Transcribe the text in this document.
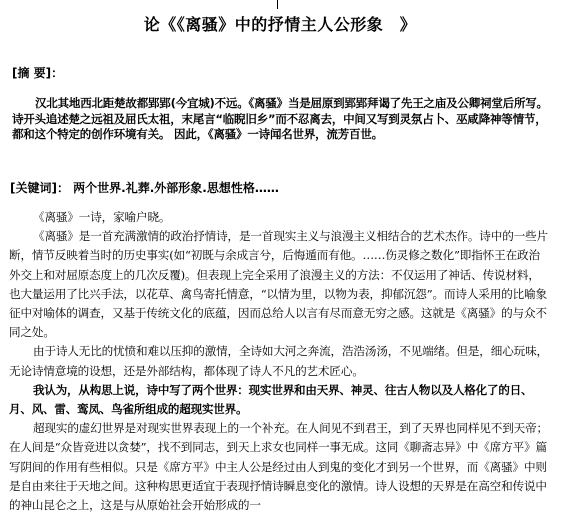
论《《离骚》中的抒情主人公形象　》
[摘 要]：
汉北其地西北距楚故都郢郢(今宜城)不远。《离骚》当是屈原到郢郢拜谒了先王之庙及公卿祠堂后所写。诗开头追述楚之远祖及屈氏太祖，末尾言“临睨旧乡”而不忍离去，中间又写到灵氛占卜、巫咸降神等情节，都和这个特定的创作环境有关。 因此，《离骚》一诗闻名世界，流芳百世。
[关键词]： 两个世界.礼葬.外部形象.思想性格……

《离骚》一诗，家喻户晓。

《离骚》是一首充满激情的政治抒情诗，是一首现实主义与浪漫主义相结合的艺术杰作。诗中的一些片断，情节反映着当时的历史事实(如“初既与余成言兮，后悔遁而有他。……伤灵修之数化”即指怀王在政治外交上和对屈原态度上的几次反覆)。但表现上完全采用了浪漫主义的方法：不仅运用了神话、传说材料，也大量运用了比兴手法，以花草、禽鸟寄托情意，“以情为里，以物为表，抑郁沉怨”。而诗人采用的比喻象征中对喻体的调查，又基于传统文化的底蕴，因而总给人以言有尽而意无穷之感。这就是《离骚》的与众不同之处。

由于诗人无比的忧愤和难以压抑的激情，全诗如大河之奔流，浩浩汤汤，不见端绪。但是，细心玩味，无论诗情意境的设想，还是外部结构，都体现了诗人不凡的艺术匠心。

我认为，从构思上说，诗中写了两个世界：现实世界和由天界、神灵、往古人物以及人格化了的日、月、风、雷、鸾凤、鸟雀所组成的超现实世界。

超现实的虚幻世界是对现实世界表现上的一个补充。在人间见不到君王，到了天界也同样见不到天帝；在人间是“众皆竞进以贪婪”，找不到同志，到天上求女也同样一事无成。这同《聊斋志异》中《席方平》篇写阴间的作用有些相似。只是《席方平》中主人公是经过由人到鬼的变化才到另一个世界，而《离骚》中则是自由来往于天地之间。这种构思更适宜于表现抒情诗瞬息变化的激情。诗人设想的天界是在高空和传说中的神山昆仑之上，这是与从原始社会开始形成的一
